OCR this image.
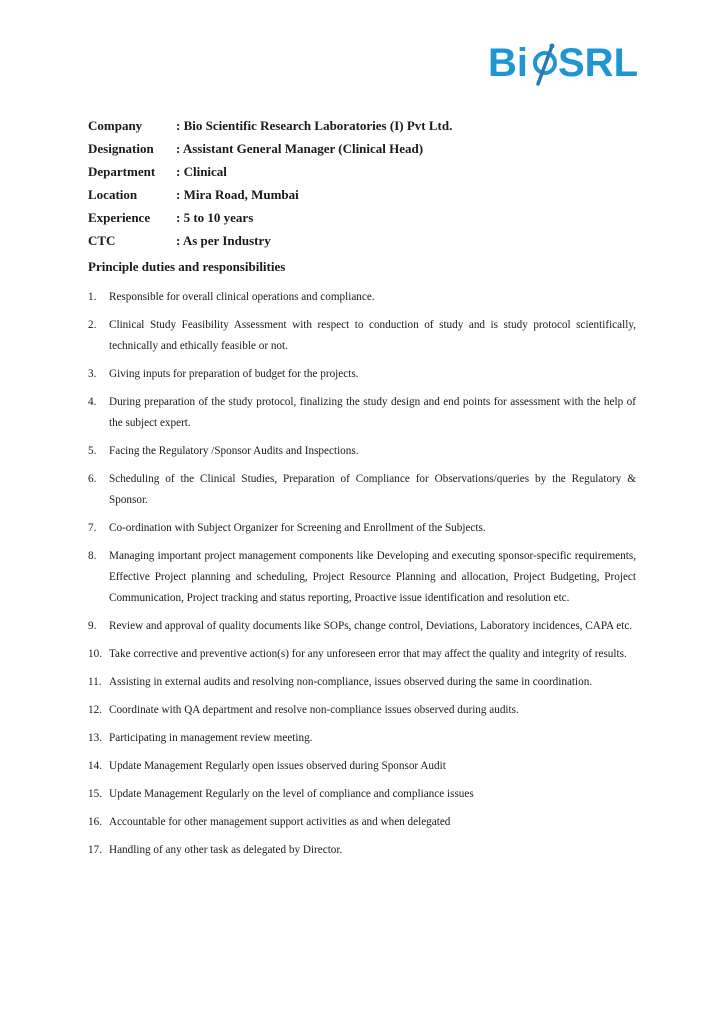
Bi SRL
Company	: Bio Scientific Research Laboratories (I) Pvt Ltd.
Designation	: Assistant General Manager (Clinical Head)
Department	: Clinical
Location	: Mira Road, Mumbai
Experience	: 5 to 10 years
CTC	: As per Industry
Principle duties and responsibilities
1.	Responsible for overall clinical operations and compliance.
2.	Clinical Study Feasibility Assessment with respect to conduction of study and is study protocol scientifically, technically and ethically feasible or not.
3.	Giving inputs for preparation of budget for the projects.
4.	During preparation of the study protocol, finalizing the study design and end points for assessment with the help of the subject expert.
5.	Facing the Regulatory /Sponsor Audits and Inspections.
6.	Scheduling of the Clinical Studies, Preparation of Compliance for Observations/queries by the Regulatory & Sponsor.
7.	Co-ordination with Subject Organizer for Screening and Enrollment of the Subjects.
8.	Managing important project management components like Developing and executing sponsor-specific requirements, Effective Project planning and scheduling, Project Resource Planning and allocation, Project Budgeting, Project Communication, Project tracking and status reporting, Proactive issue identification and resolution etc.
9.	Review and approval of quality documents like SOPs, change control, Deviations, Laboratory incidences, CAPA etc.
10. Take corrective and preventive action(s) for any unforeseen error that may affect the quality and integrity of results.
11. Assisting in external audits and resolving non-compliance, issues observed during the same in coordination.
12. Coordinate with QA department and resolve non-compliance issues observed during audits.
13. Participating in management review meeting.
14. Update Management Regularly open issues observed during Sponsor Audit
15. Update Management Regularly on the level of compliance and compliance issues
16. Accountable for other management support activities as and when delegated
17. Handling of any other task as delegated by Director.
